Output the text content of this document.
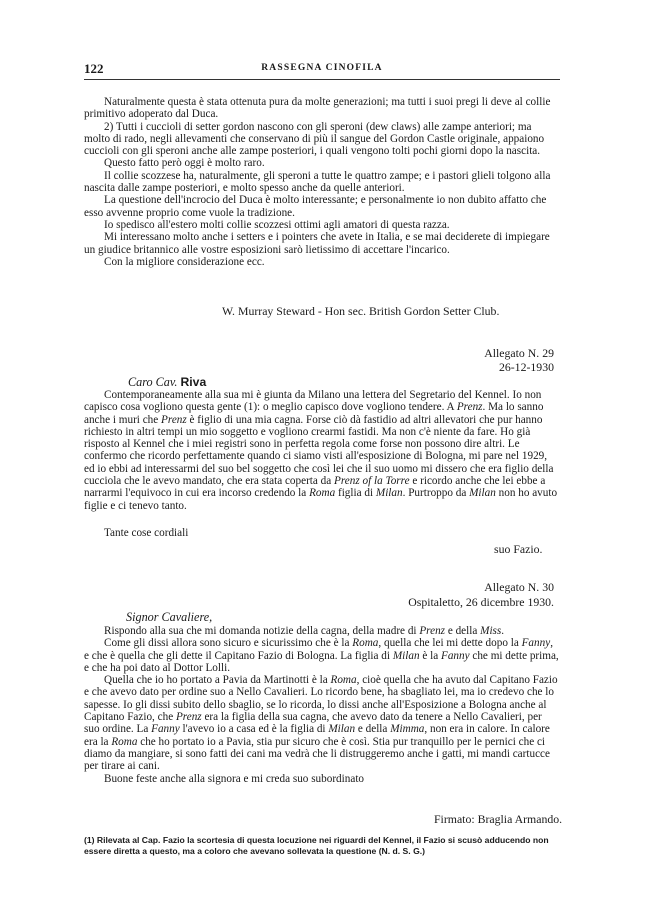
122	RASSEGNA CINOFILA

Naturalmente questa è stata ottenuta pura da molte generazioni; ma tutti i suoi pregi li deve al collie primitivo adoperato dal Duca.

2) Tutti i cuccioli di setter gordon nascono con gli speroni (dew claws) alle zampe anteriori; ma molto di rado, negli allevamenti che conservano di più il sangue del Gordon Castle originale, appaiono cuccioli con gli speroni anche alle zampe posteriori, i quali vengono tolti pochi giorni dopo la nascita.

Questo fatto però oggi è molto raro.

Il collie scozzese ha, naturalmente, gli speroni a tutte le quattro zampe; e i pastori glieli tolgono alla nascita dalle zampe posteriori, e molto spesso anche da quelle anteriori.

La questione dell'incrocio del Duca è molto interessante; e personalmente io non dubito affatto che esso avvenne proprio come vuole la tradizione.

Io spedisco all'estero molti collie scozzesi ottimi agli amatori di questa razza.

Mi interessano molto anche i setters e i pointers che avete in Italia, e se mai deciderete di impiegare un giudice britannico alle vostre esposizioni sarò lietissimo di accettare l'incarico.

Con la migliore considerazione ecc.

W. Murray Steward - Hon sec. British Gordon Setter Club.
Allegato N. 29
26-12-1930
Caro Cav. Riva

Contemporaneamente alla sua mi è giunta da Milano una lettera del Segretario del Kennel. Io non capisco cosa vogliono questa gente (1): o meglio capisco dove vogliono tendere. A Prenz. Ma lo sanno anche i muri che Prenz è figlio di una mia cagna. Forse ciò dà fastidio ad altri allevatori che pur hanno richiesto in altri tempi un mio soggetto e vogliono crearmi fastidi. Ma non c'è niente da fare. Ho già risposto al Kennel che i miei registri sono in perfetta regola come forse non possono dire altri. Le confermo che ricordo perfettamente quando ci siamo visti all'esposizione di Bologna, mi pare nel 1929, ed io ebbi ad interessarmi del suo bel soggetto che così lei che il suo uomo mi dissero che era figlio della cucciola che le avevo mandato, che era stata coperta da Prenz of la Torre e ricordo anche che lei ebbe a narrarmi l'equivoco in cui era incorso credendo la Roma figlia di Milan. Purtroppo da Milan non ho avuto figlie e ci tenevo tanto.

Tante cose cordiali
suo Fazio.
Allegato N. 30
Ospitaletto, 26 dicembre 1930.
Signor Cavaliere,

Rispondo alla sua che mi domanda notizie della cagna, della madre di Prenz e della Miss.

Come gli dissi allora sono sicuro e sicurissimo che è la Roma, quella che lei mi dette dopo la Fanny, e che è quella che gli dette il Capitano Fazio di Bologna. La figlia di Milan è la Fanny che mi dette prima, e che ha poi dato al Dottor Lolli.

Quella che io ho portato a Pavia da Martinotti è la Roma, cioè quella che ha avuto dal Capitano Fazio e che avevo dato per ordine suo a Nello Cavalieri. Lo ricordo bene, ha sbagliato lei, ma io credevo che lo sapesse. Io gli dissi subito dello sbaglio, se lo ricorda, lo dissi anche all'Esposizione a Bologna anche al Capitano Fazio, che Prenz era la figlia della sua cagna, che avevo dato da tenere a Nello Cavalieri, per suo ordine. La Fanny l'avevo io a casa ed è la figlia di Milan e della Mimma, non era in calore. In calore era la Roma che ho portato io a Pavia, stia pur sicuro che è così. Stia pur tranquillo per le pernici che ci diamo da mangiare, si sono fatti dei cani ma vedrà che li distruggeremo anche i gatti, mi mandi cartucce per tirare ai cani.

Buone feste anche alla signora e mi creda suo subordinato

Firmato: Braglia Armando.

(1) Rilevata al Cap. Fazio la scortesia di questa locuzione nei riguardi del Kennel, il Fazio si scusò adducendo non essere diretta a questo, ma a coloro che avevano sollevata la questione (N. d. S. G.)
